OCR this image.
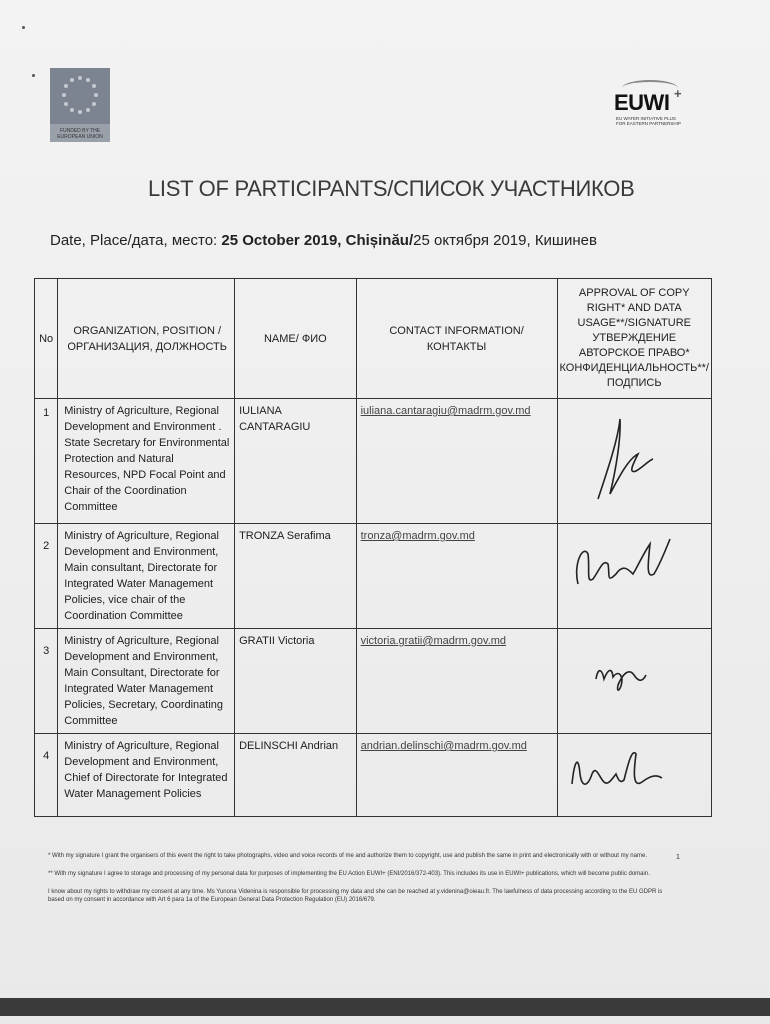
FUNDED BY THE EUROPEAN UNION
EUWI +
EU WATER INITIATIVE PLUS FOR EASTERN PARTNERSHIP
LIST OF PARTICIPANTS/СПИСОК УЧАСТНИКОВ
Date, Place/дата, место: 25 October 2019, Chișinău/25 октября 2019, Кишинев
No	ORGANIZATION, POSITION / ОРГАНИЗАЦИЯ, ДОЛЖНОСТЬ	NAME/ ФИО	CONTACT INFORMATION/ КОНТАКТЫ	APPROVAL OF COPY RIGHT* AND DATA USAGE**/SIGNATURE УТВЕРЖДЕНИЕ АВТОРСКОЕ ПРАВО* КОНФИДЕНЦИАЛЬНОСТЬ**/ПОДПИСЬ
1	Ministry of Agriculture, Regional Development and Environment . State Secretary for Environmental Protection and Natural Resources, NPD Focal Point and Chair of the Coordination Committee	IULIANA CANTARAGIU	iuliana.cantaragiu@madrm.gov.md	

2	Ministry of Agriculture, Regional Development and Environment, Main consultant, Directorate for Integrated Water Management Policies, vice chair of the Coordination Committee	TRONZA Serafima	tronza@madrm.gov.md	

3	Ministry of Agriculture, Regional Development and Environment, Main Consultant, Directorate for Integrated Water Management Policies, Secretary, Coordinating Committee	GRATII Victoria	victoria.gratii@madrm.gov.md	

4	Ministry of Agriculture, Regional Development and Environment, Chief of Directorate for Integrated Water Management Policies	DELINSCHI Andrian	andrian.delinschi@madrm.gov.md	
* With my signature I grant the organisers of this event the right to take photographs, video and voice records of me and authorize them to copyright, use and publish the same in print and electronically with or without my name.	1
** With my signature I agree to storage and processing of my personal data for purposes of implementing the EU Action EUWI+ (ENI/2016/372-403). This includes its use in EUWI+ publications, which will become public domain.
I know about my rights to withdraw my consent at any time. Ms Yunona Videnina is responsible for processing my data and she can be reached at y.videnina@oieau.fr. The lawfulness of data processing according to the EU GDPR is based on my consent in accordance with Art 6 para 1a of the European General Data Protection Regulation (EU) 2016/679.
